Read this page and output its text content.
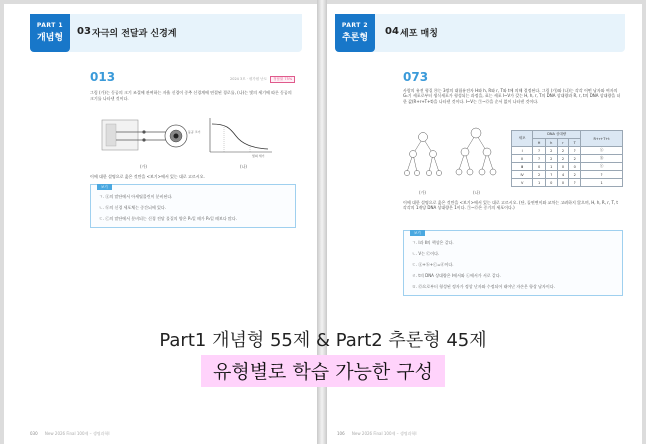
PART 1
개념형
03 자극의 전달과 신경계
013	2024 3모 · 평가원 난도 정답률 75%
그림 (가)는 동공의 크기 조절에 관여하는 자율 신경이 중추 신경계에 연결된 경로를, (나)는 빛의 세기에 따른 동공의 크기를 나타낸 것이다.
(가)
동공 크기
빛의 세기
(나)
이에 대한 설명으로 옳은 것만을 <보기>에서 있는 대로 고르시오.
보기
ㄱ. ⓐ의 말단에서 아세틸콜린이 분비된다.
ㄴ. ⓑ의 신경 세포체는 중간뇌에 있다.
ㄷ. ⓒ의 말단에서 분비되는 신경 전달 물질의 양은 P₁일 때가 P₂일 때보다 많다.
030 New 2026 Final 100제 – 생명과학Ⅰ
PART 2
추론형
04 세포 매칭
073
사람의 유전 형질 ㉮는 3쌍의 대립유전자 H와 h, R와 r, T와 t에 의해 결정된다. 그림 (가)와 (나)는 각각 어떤 남자와 여자의 G₁기 세포로부터 생식세포가 형성되는 과정을, 표는 세포 Ⅰ~Ⅴ가 갖는 H, h, r, T의 DNA 상대량과 R, r, t의 DNA 상대량을 더한 값(R+r+T+t)을 나타낸 것이다. Ⅰ~Ⅴ는 ㉠~㉤을 순서 없이 나타낸 것이다.
(가)	(나)
세포	DNA 상대량				R+r+T+t
	H	h	r	T	
Ⅰ	?	2	2	?	ⓐ
Ⅱ	?	2	2	2	ⓑ
Ⅲ	0	1	0	0	ⓒ
Ⅳ	2	?	4	2	?
Ⅴ	1	0	0	?	1
이에 대한 설명으로 옳은 것만을 <보기>에서 있는 대로 고르시오. (단, 돌연변이와 교차는 고려하지 않으며, H, h, R, r, T, t 각각의 1개당 DNA 상대량은 1이다. ㉠~㉤은 중기의 세포이다.)
보기
ㄱ. Ⅰ과 Ⅱ의 핵상은 같다.
ㄴ. Ⅴ는 ㉢이다.
ㄷ. ⓐ+ⓑ+ⓒ=ⓓ이다.
ㄹ. t의 DNA 상대량은 Ⅰ에서와 ㉡에서가 서로 같다.
ㅁ. ㉤으로부터 형성된 정자가 정상 난자와 수정되어 태어난 자손은 항상 남자이다.
106 New 2026 Final 100제 – 생명과학Ⅰ
Part1 개념형 55제 & Part2 추론형 45제
유형별로 학습 가능한 구성
